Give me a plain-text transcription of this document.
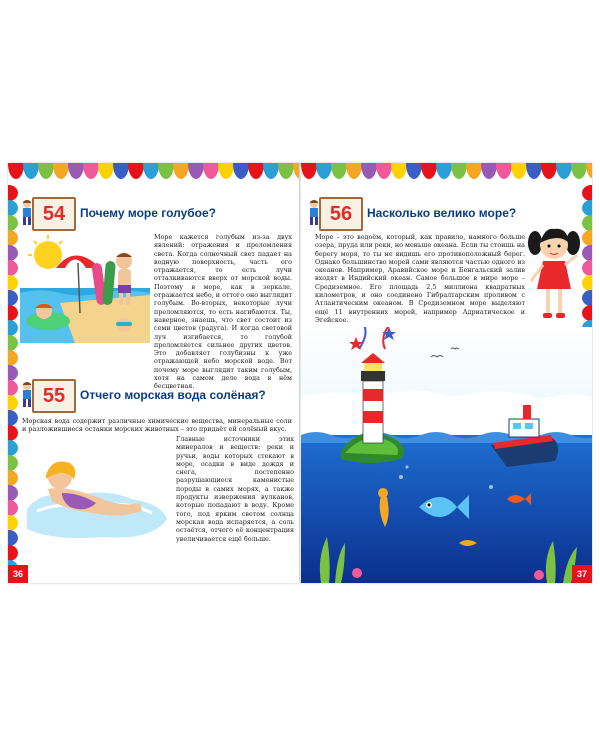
54	Почему море голубое?
Море кажется голубым из-за двух явлений: отражения и преломления света. Когда солнечный свет падает на водную поверхность, часть его отражается, то есть лучи отталкиваются вверх от морской воды. Поэтому в море, как в зеркале, отражается небо, и оттого оно выглядит голубым. Во-вторых, некоторые лучи преломляются, то есть нагибаются. Ты, наверное, знаешь, что свет состоит из семи цветов (радуга). И когда световой луч изгибается, то голубой преломляется сильнее других цветов. Это добавляет голубизны к уже отражающей небо морской воде. Вот почему море выглядит таким голубым, хотя на самом деле вода в нём бесцветная.
55	Отчего морская вода солёная?
Морская вода содержит различные химические вещества, минеральные соли и разложившиеся останки морских животных – это придаёт ей солёный вкус.
Главные источники этих минералов и веществ: реки и ручьи, воды которых стекают в море, осадки в виде дождя и снега, постепенно разрушающиеся каменистые породы в самих морях, а также продукты извержения вулканов, которые попадают в воду. Кроме того, под ярким светом солнца морская вода испаряется, а соль остаётся, отчего её концентрация увеличивается ещё больше.
36
56	Насколько велико море?
Море – это водоём, который, как правило, намного больше озера, пруда или реки, но меньше океана. Если ты стоишь на берегу моря, то ты не видишь его противоположный берег. Однако большинство морей сами являются частью одного из океанов. Например, Аравийское море и Бенгальский залив входят в Индийский океан. Самое большое в мире море – Средиземное. Его площадь 2,5 миллиона квадратных километров, и оно соединено Гибралтарским проливом с Атлантическим океаном. В Средиземном море выделяют ещё 11 внутренних морей, например Адриатическое и Эгейское.
37
